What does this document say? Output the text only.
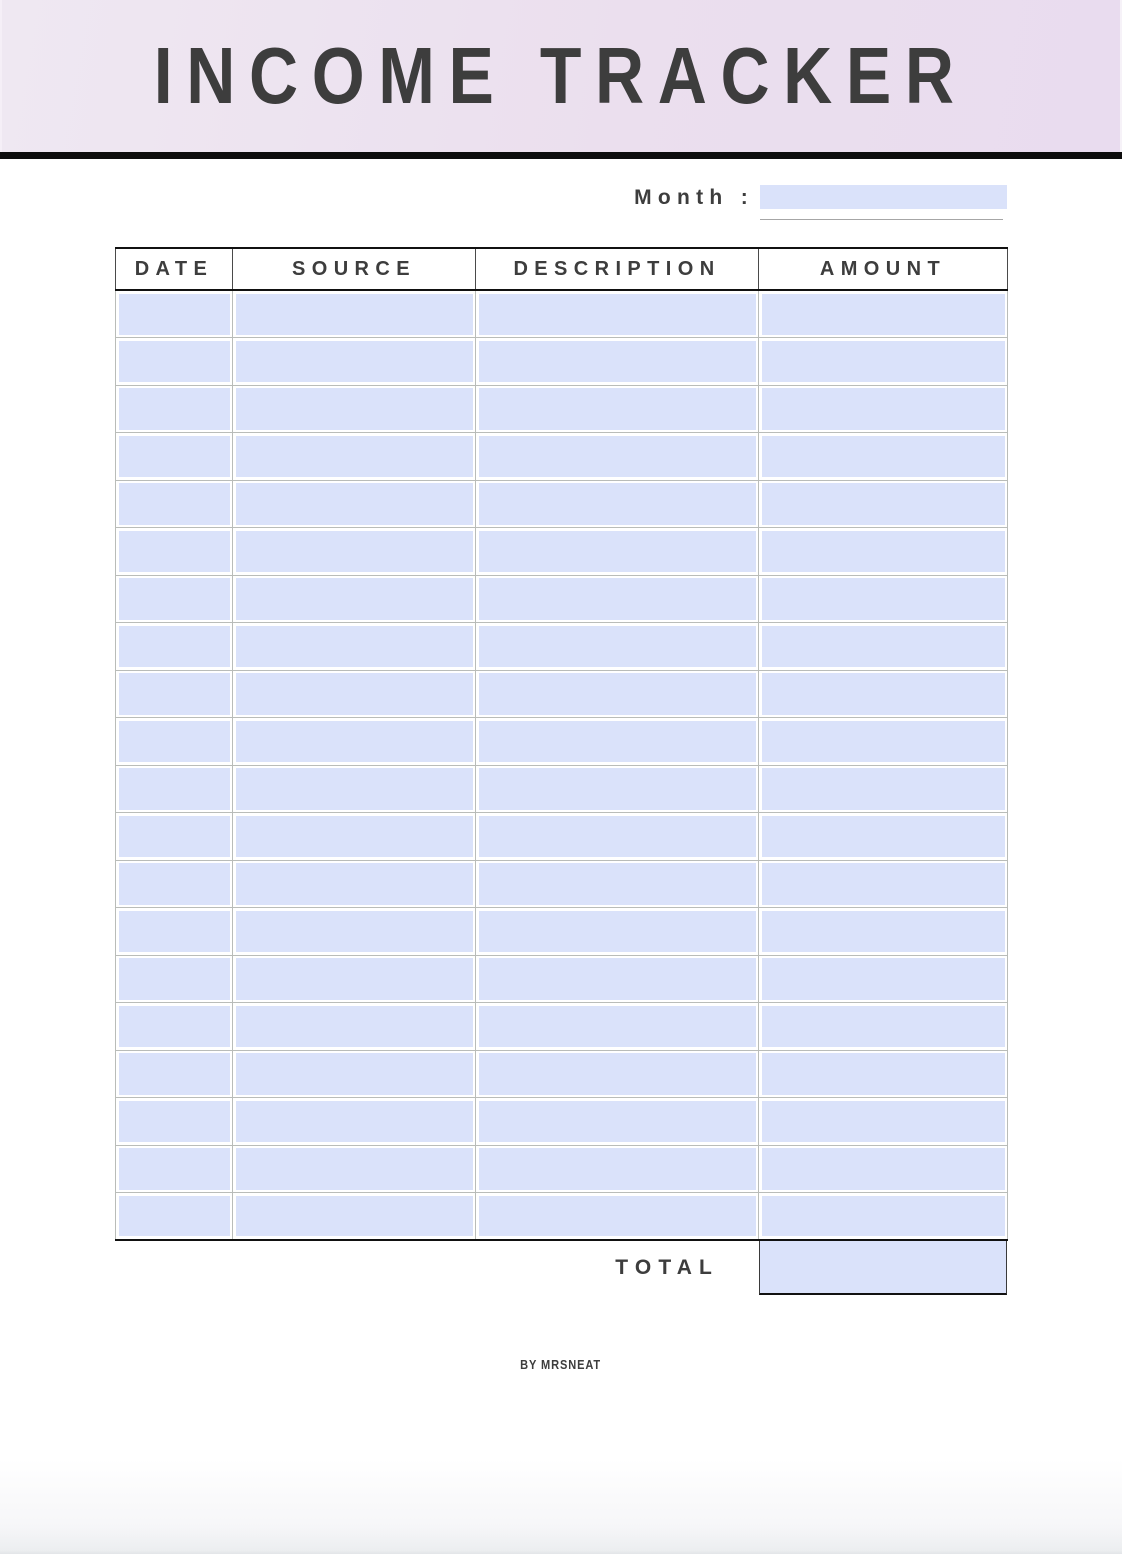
INCOME TRACKER
Month :
DATE	SOURCE	DESCRIPTION	AMOUNT

TOTAL
BY MRSNEAT
